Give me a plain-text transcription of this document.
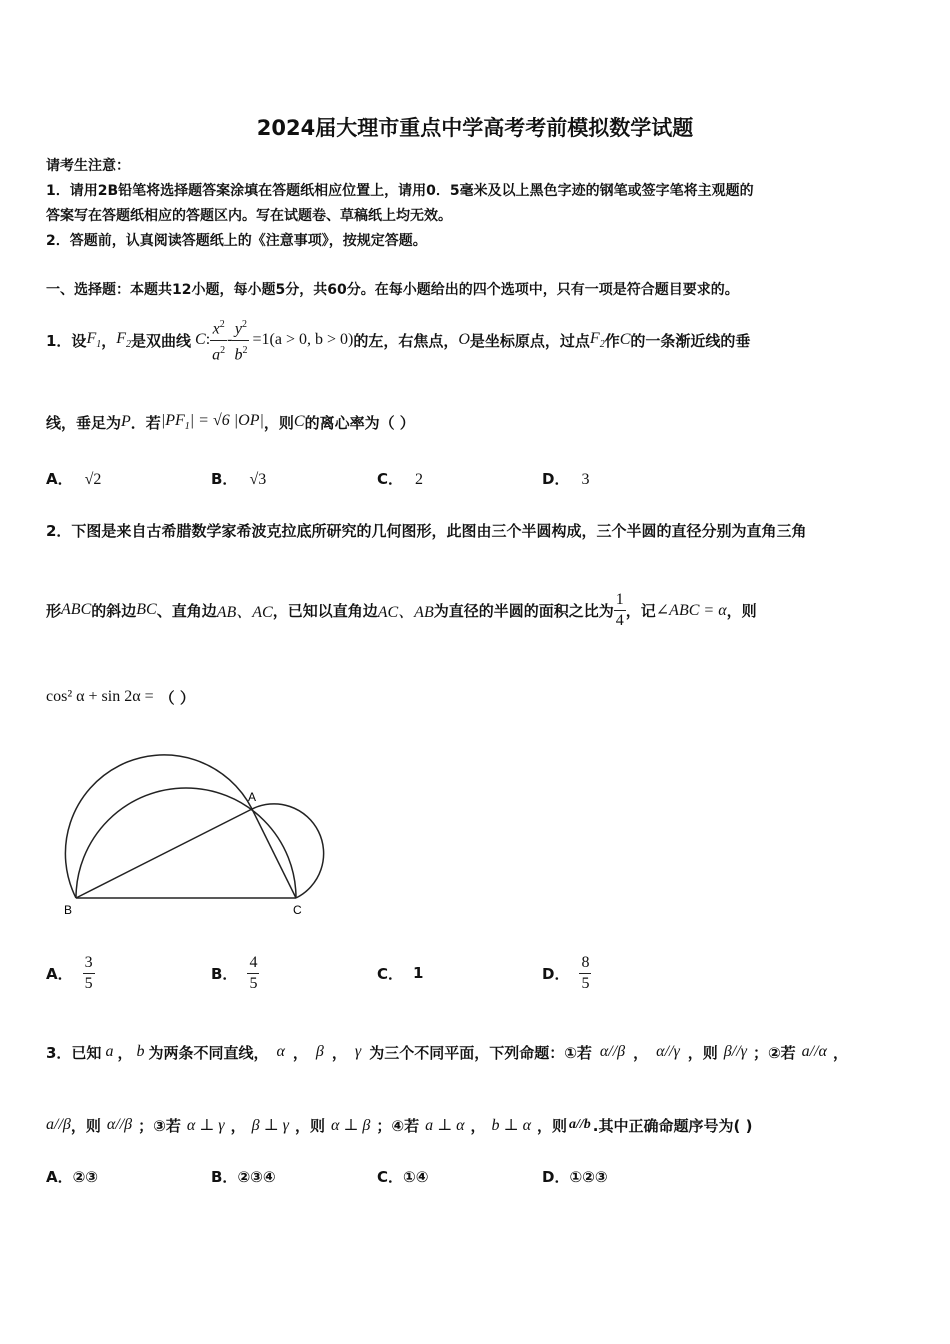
2024届大理市重点中学高考考前模拟数学试题
请考生注意：
1．请用2B铅笔将选择题答案涂填在答题纸相应位置上，请用0．5毫米及以上黑色字迹的钢笔或签字笔将主观题的
答案写在答题纸相应的答题区内。写在试题卷、草稿纸上均无效。
2．答题前，认真阅读答题纸上的《注意事项》，按规定答题。
一、选择题：本题共12小题，每小题5分，共60分。在每小题给出的四个选项中，只有一项是符合题目要求的。
1．设 $F_1$ ， $F_2$ 是双曲线 C : $\frac{x^2}{a^2} - \frac{y^2}{b^2} =1(a > 0$, b > 0) 的左，右焦点， O 是坐标原点，过点 $F_2$ 作 C 的一条渐近线的垂
线，垂足为 P ．若 $|PF_1| = √6$ |OP| ，则 C 的离心率为（ ）
A． √2	B． √3	C． 2	D． 3
2．下图是来自古希腊数学家希波克拉底所研究的几何图形，此图由三个半圆构成，三个半圆的直径分别为直角三角
形 ABC 的斜边 BC 、直角边 AB、AC ，已知以直角边 AC、AB 为直径的半圆的面积之比为 $\frac{1}{4}$ ，记 ∠ABC = α ，则
cos² α + sin 2α = （ ）
A
B	C
A． $\frac{3}{5}$	B． $\frac{4}{5}$	C． 1	D． $\frac{8}{5}$
3．已知 a ， b 为两条不同直线， α ， β ， γ 为三个不同平面，下列命题：①若 α//β ， α//γ ，则 β//γ ；②若 a//α ，
a//β ，则 α//β ；③若 α ⊥ γ ， β ⊥ γ ，则 α ⊥ β ；④若 a ⊥ α ， b ⊥ α ，则 a//b .其中正确命题序号为( )
A．②③	B．②③④	C．①④	D．①②③
